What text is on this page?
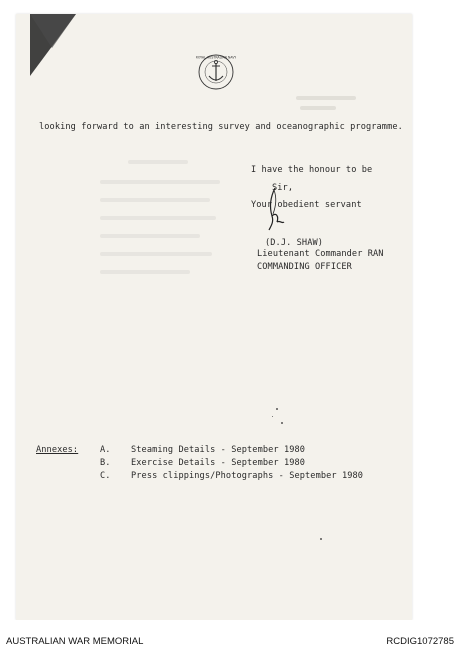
ROYAL AUSTRALIAN NAVY
looking forward to an interesting survey and oceanographic programme.
I have the honour to be
Sir,
Your obedient servant
(D.J. SHAW)
Lieutenant Commander RAN
COMMANDING OFFICER
Annexes:	A. Steaming Details - September 1980
B. Exercise Details - September 1980
C. Press clippings/Photographs - September 1980
AUSTRALIAN WAR MEMORIAL	RCDIG1072785
